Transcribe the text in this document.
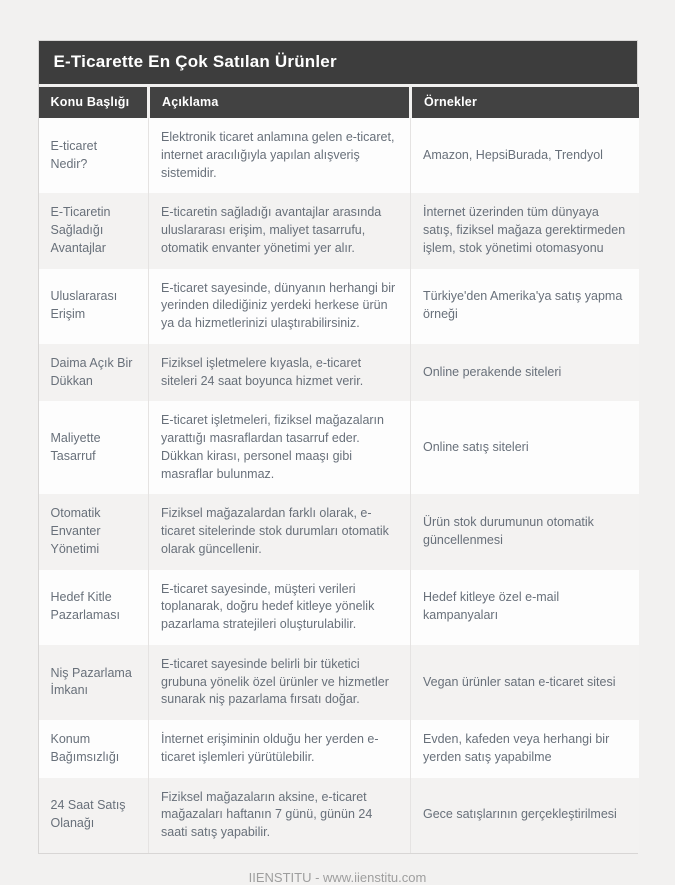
E-Ticarette En Çok Satılan Ürünler
Konu Başlığı	Açıklama	Örnekler
E-ticaret Nedir?	Elektronik ticaret anlamına gelen e-ticaret, internet aracılığıyla yapılan alışveriş sistemidir.	Amazon, HepsiBurada, Trendyol
E-Ticaretin Sağladığı Avantajlar	E-ticaretin sağladığı avantajlar arasında uluslararası erişim, maliyet tasarrufu, otomatik envanter yönetimi yer alır.	İnternet üzerinden tüm dünyaya satış, fiziksel mağaza gerektirmeden işlem, stok yönetimi otomasyonu
Uluslararası Erişim	E-ticaret sayesinde, dünyanın herhangi bir yerinden dilediğiniz yerdeki herkese ürün ya da hizmetlerinizi ulaştırabilirsiniz.	Türkiye'den Amerika'ya satış yapma örneği
Daima Açık Bir Dükkan	Fiziksel işletmelere kıyasla, e-ticaret siteleri 24 saat boyunca hizmet verir.	Online perakende siteleri
Maliyette Tasarruf	E-ticaret işletmeleri, fiziksel mağazaların yarattığı masraflardan tasarruf eder. Dükkan kirası, personel maaşı gibi masraflar bulunmaz.	Online satış siteleri
Otomatik Envanter Yönetimi	Fiziksel mağazalardan farklı olarak, e-ticaret sitelerinde stok durumları otomatik olarak güncellenir.	Ürün stok durumunun otomatik güncellenmesi
Hedef Kitle Pazarlaması	E-ticaret sayesinde, müşteri verileri toplanarak, doğru hedef kitleye yönelik pazarlama stratejileri oluşturulabilir.	Hedef kitleye özel e-mail kampanyaları
Niş Pazarlama İmkanı	E-ticaret sayesinde belirli bir tüketici grubuna yönelik özel ürünler ve hizmetler sunarak niş pazarlama fırsatı doğar.	Vegan ürünler satan e-ticaret sitesi
Konum Bağımsızlığı	İnternet erişiminin olduğu her yerden e-ticaret işlemleri yürütülebilir.	Evden, kafeden veya herhangi bir yerden satış yapabilme
24 Saat Satış Olanağı	Fiziksel mağazaların aksine, e-ticaret mağazaları haftanın 7 günü, günün 24 saati satış yapabilir.	Gece satışlarının gerçekleştirilmesi
IIENSTITU - www.iienstitu.com
